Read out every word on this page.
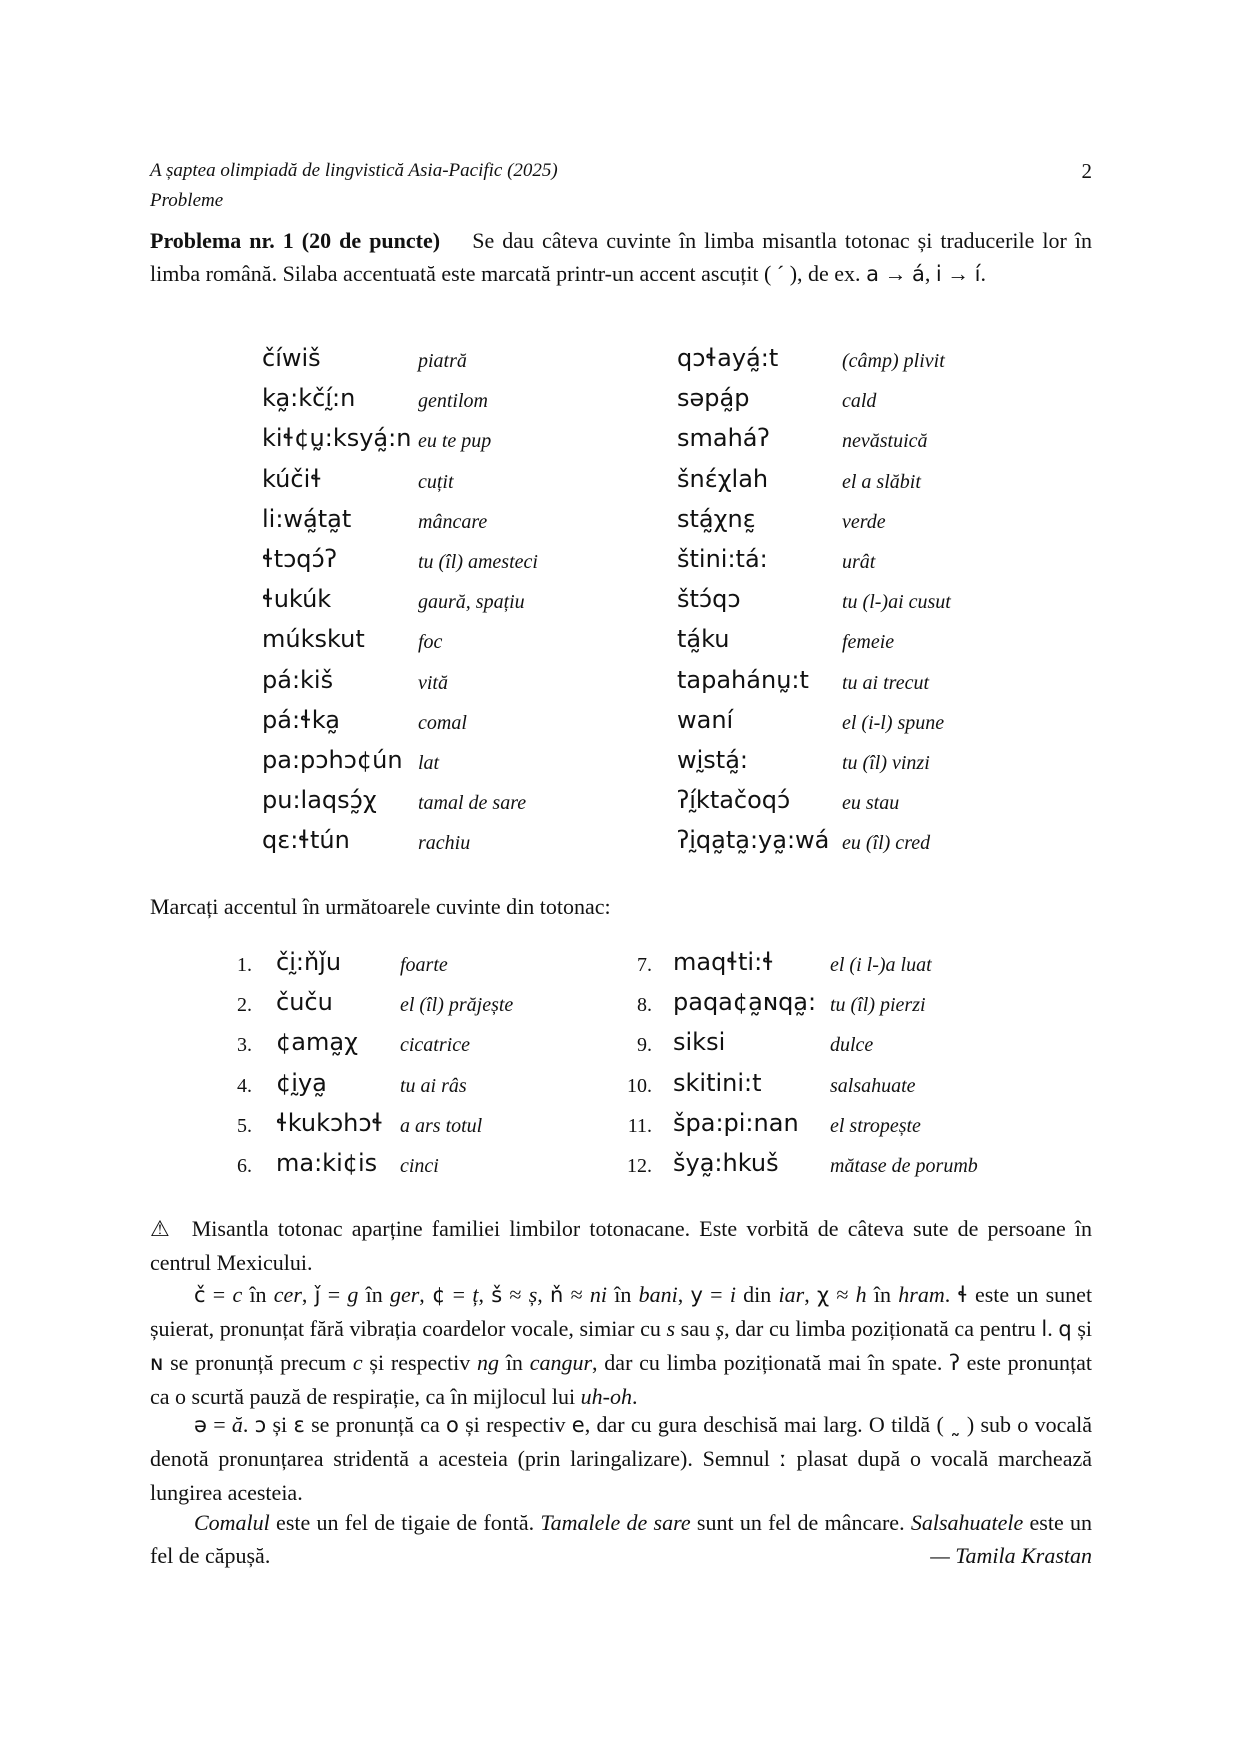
A șaptea olimpiadă de lingvistică Asia-Pacific (2025)
Probleme
2
Problema nr. 1 (20 de puncte) Se dau câteva cuvinte în limba misantla totonac și traducerile lor în limba română. Silaba accentuată este marcată printr-un accent ascuțit ( ´ ), de ex. a → á, i → í.
číwiš	piatră
ka̰:kčḭ́:n	gentilom
kiɬ¢ṵ:ksyá̰:n eu te pup
kúčiɬ	cuțit
li:wá̰ta̰t	mâncare
ɬtɔqɔ́ʔ	tu (îl) amesteci
ɬukúk	gaură, spațiu
múkskut	foc
pá:kiš	vită
pá:ɬka̰	comal
pa:pɔhɔ¢ún lat
pu:laqsɔ̰́χ tamal de sare
qɛ:ɬtún	rachiu
qɔɬayá̰:t	(câmp) plivit
səpá̰p	cald
smaháʔ	nevăstuică
šnɛ́χlah	el a slăbit
stá̰χnɛ̰	verde
štini:tá:	urât
štɔ́qɔ	tu (l-)ai cusut
tá̰ku	femeie
tapahánṵ:t tu ai trecut
waní	el (i-l) spune
wḭstá̰:	tu (îl) vinzi
ʔḭ́ktačoqɔ́	eu stau
ʔḭqa̰ta̰:ya̰:wá eu (îl) cred
Marcați accentul în următoarele cuvinte din totonac:
1. čḭ:ňǰu	foarte
2. čuču	el (îl) prăjește
3. ¢ama̰χ cicatrice
4. ¢ḭya̰	tu ai râs
5. ɬkukɔhɔɬ a ars totul
6. ma:ki¢is cinci
7. maqɬti:ɬ	el (i l-)a luat
8. paqa¢a̰ɴqa̰: tu (îl) pierzi
9. siksi	dulce
10. skitini:t	salsahuate
11. špa:pi:nan el stropește
12. šya̰:hkuš	mătase de porumb
⚠ Misantla totonac aparține familiei limbilor totonacane. Este vorbită de câteva sute de persoane în centrul Mexicului.
č = c în cer, ǰ = g în ger, ¢ = ț, š ≈ ș, ň ≈ ni în bani, y = i din iar, χ ≈ h în hram. ɬ este un sunet șuierat, pronunțat fără vibrația coardelor vocale, simiar cu s sau ș, dar cu limba poziționată ca pentru l. q și ɴ se pronunță precum c și respectiv ng în cangur, dar cu limba poziționată mai în spate. ʔ este pronunțat ca o scurtă pauză de respirație, ca în mijlocul lui uh-oh.
ə = ă. ɔ și ɛ se pronunță ca o și respectiv e, dar cu gura deschisă mai larg. O tildă ( ˷ ) sub o vocală denotă pronunțarea stridentă a acesteia (prin laringalizare). Semnul ː plasat după o vocală marchează lungirea acesteia.
Comalul este un fel de tigaie de fontă. Tamalele de sare sunt un fel de mâncare. Salsahuatele este un fel de căpușă.	— Tamila Krastan
